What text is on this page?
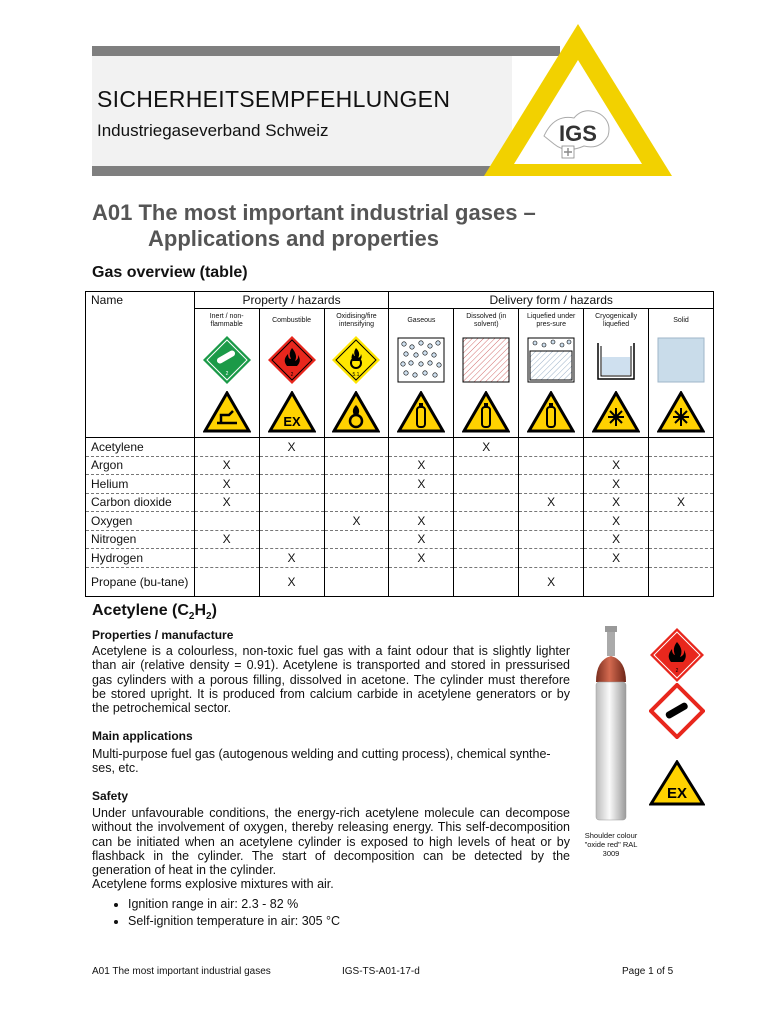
IGS
SICHERHEITSEMPFEHLUNGEN
Industriegaseverband Schweiz
A01 The most important industrial gases –
Applications and properties
Gas overview (table)
Name	Property / hazards			Delivery form / hazards				
	Inert / non-flammable	Combustible	Oxidising/fire intensifying	Gaseous	Dissolved (in solvent)	Liquefied under pres-sure	Cryogenically liquefied	Solid

2	2	5.1

EX

Acetylene		X			X			
Argon	X			X			X	
Helium	X			X			X	
Carbon dioxide	X					X	X	X
Oxygen			X	X			X	
Nitrogen	X			X			X	
Hydrogen		X		X			X	
Propane (bu-tane)		X				X		
Acetylene $(C_2H_2)$
Properties / manufacture
Acetylene is a colourless, non-toxic fuel gas with a faint odour that is slightly lighter than air (relative density = 0.91). Acetylene is transported and stored in pressurised gas cylinders with a porous filling, dissolved in acetone. The cylinder must therefore be stored upright. It is produced from calcium carbide in acetylene generators or by the petrochemical sector.
Main applications
Multi-purpose fuel gas (autogenous welding and cutting process), chemical synthe-ses, etc.
Safety
Under unfavourable conditions, the energy-rich acetylene molecule can decompose without the involvement of oxygen, thereby releasing energy. This self-decomposition can be initiated when an acetylene cylinder is exposed to high levels of heat or by flashback in the cylinder. The start of decomposition can be detected by the generation of heat in the cylinder.
Acetylene forms explosive mixtures with air.
• Ignition range in air: 2.3 - 82 %
• Self-ignition temperature in air: 305 °C
Shoulder colour "oxide red" RAL 3009
2
EX
A01 The most important industrial gases	IGS-TS-A01-17-d	Page 1 of 5
